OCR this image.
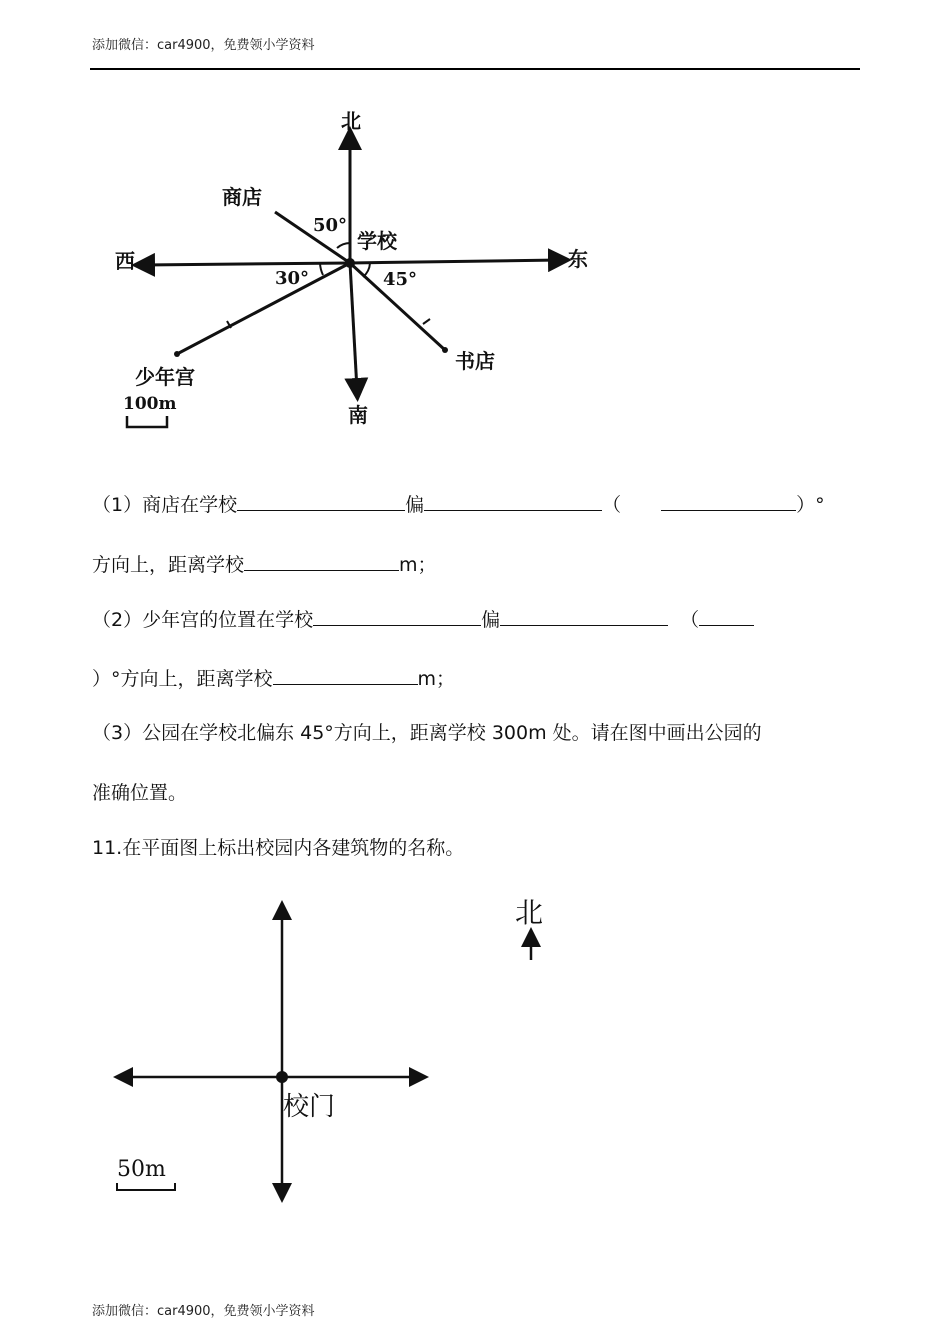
添加微信：car4900，免费领小学资料
北
南
东
西
学校
商店
书店
少年宫
50°
30°	45°
100m
（1）商店在学校	偏	（	）°
方向上，距离学校	m；
（2）少年宫的位置在学校	偏	（
）°方向上，距离学校	m；
（3）公园在学校北偏东 45°方向上，距离学校 300m 处。请在图中画出公园的
准确位置。
11.在平面图上标出校园内各建筑物的名称。
校门
北
50m
添加微信：car4900，免费领小学资料
